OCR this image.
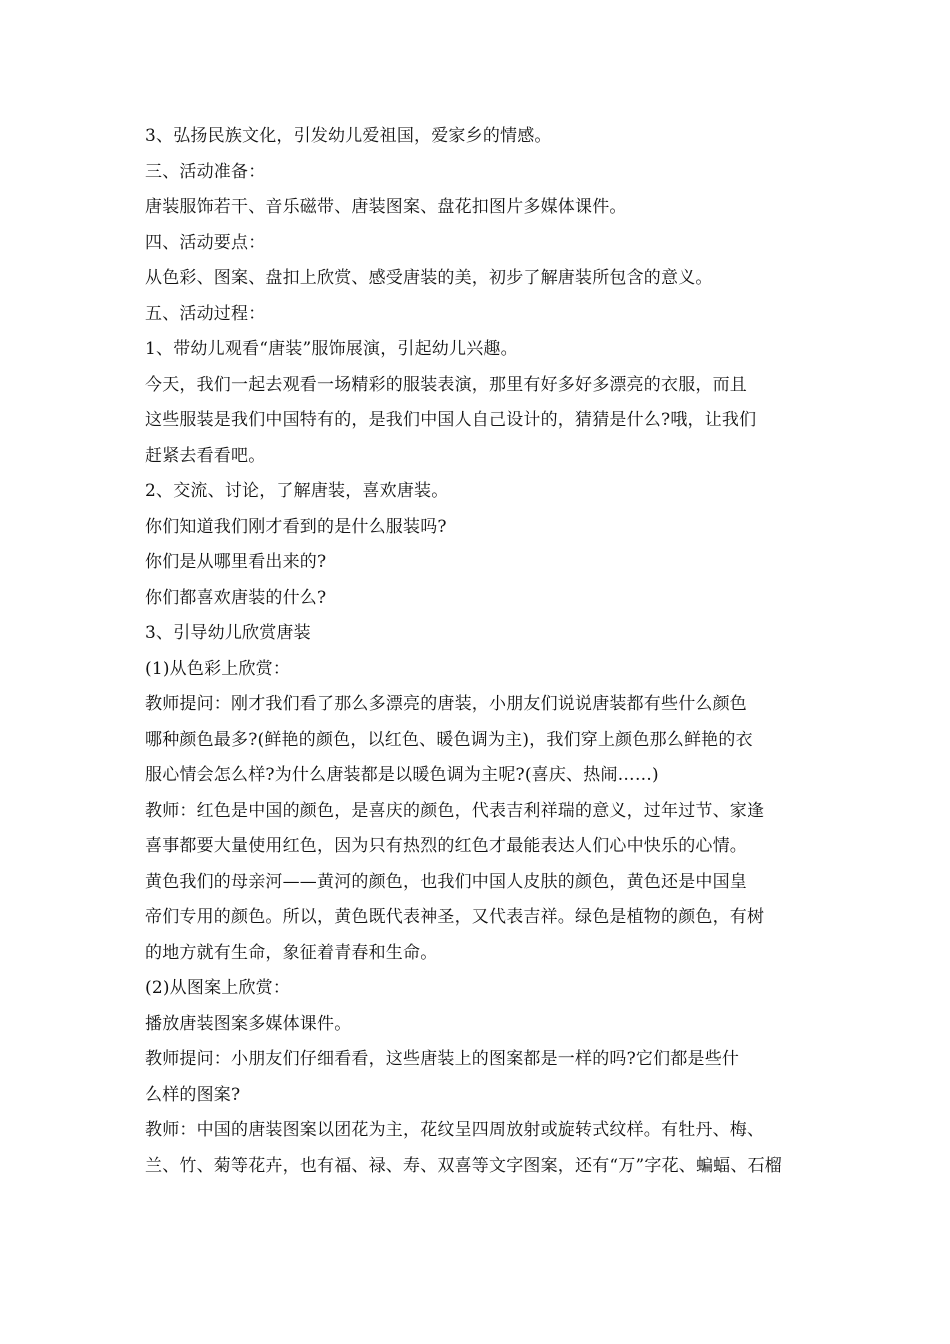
3、弘扬民族文化，引发幼儿爱祖国，爱家乡的情感。
三、活动准备：
唐装服饰若干、音乐磁带、唐装图案、盘花扣图片多媒体课件。
四、活动要点：
从色彩、图案、盘扣上欣赏、感受唐装的美，初步了解唐装所包含的意义。
五、活动过程：
1、带幼儿观看“唐装”服饰展演，引起幼儿兴趣。
今天，我们一起去观看一场精彩的服装表演，那里有好多好多漂亮的衣服，而且
这些服装是我们中国特有的，是我们中国人自己设计的，猜猜是什么?哦，让我们
赶紧去看看吧。
2、交流、讨论，了解唐装，喜欢唐装。
你们知道我们刚才看到的是什么服装吗?
你们是从哪里看出来的?
你们都喜欢唐装的什么?
3、引导幼儿欣赏唐装
(1)从色彩上欣赏：
教师提问：刚才我们看了那么多漂亮的唐装，小朋友们说说唐装都有些什么颜色
哪种颜色最多?(鲜艳的颜色，以红色、暖色调为主)，我们穿上颜色那么鲜艳的衣
服心情会怎么样?为什么唐装都是以暖色调为主呢?(喜庆、热闹……)
教师：红色是中国的颜色，是喜庆的颜色，代表吉利祥瑞的意义，过年过节、家逢
喜事都要大量使用红色，因为只有热烈的红色才最能表达人们心中快乐的心情。
黄色我们的母亲河——黄河的颜色，也我们中国人皮肤的颜色，黄色还是中国皇
帝们专用的颜色。所以，黄色既代表神圣，又代表吉祥。绿色是植物的颜色，有树
的地方就有生命，象征着青春和生命。
(2)从图案上欣赏：
播放唐装图案多媒体课件。
教师提问：小朋友们仔细看看，这些唐装上的图案都是一样的吗?它们都是些什
么样的图案?
教师：中国的唐装图案以团花为主，花纹呈四周放射或旋转式纹样。有牡丹、梅、
兰、竹、菊等花卉，也有福、禄、寿、双喜等文字图案，还有“万”字花、蝙蝠、石榴
